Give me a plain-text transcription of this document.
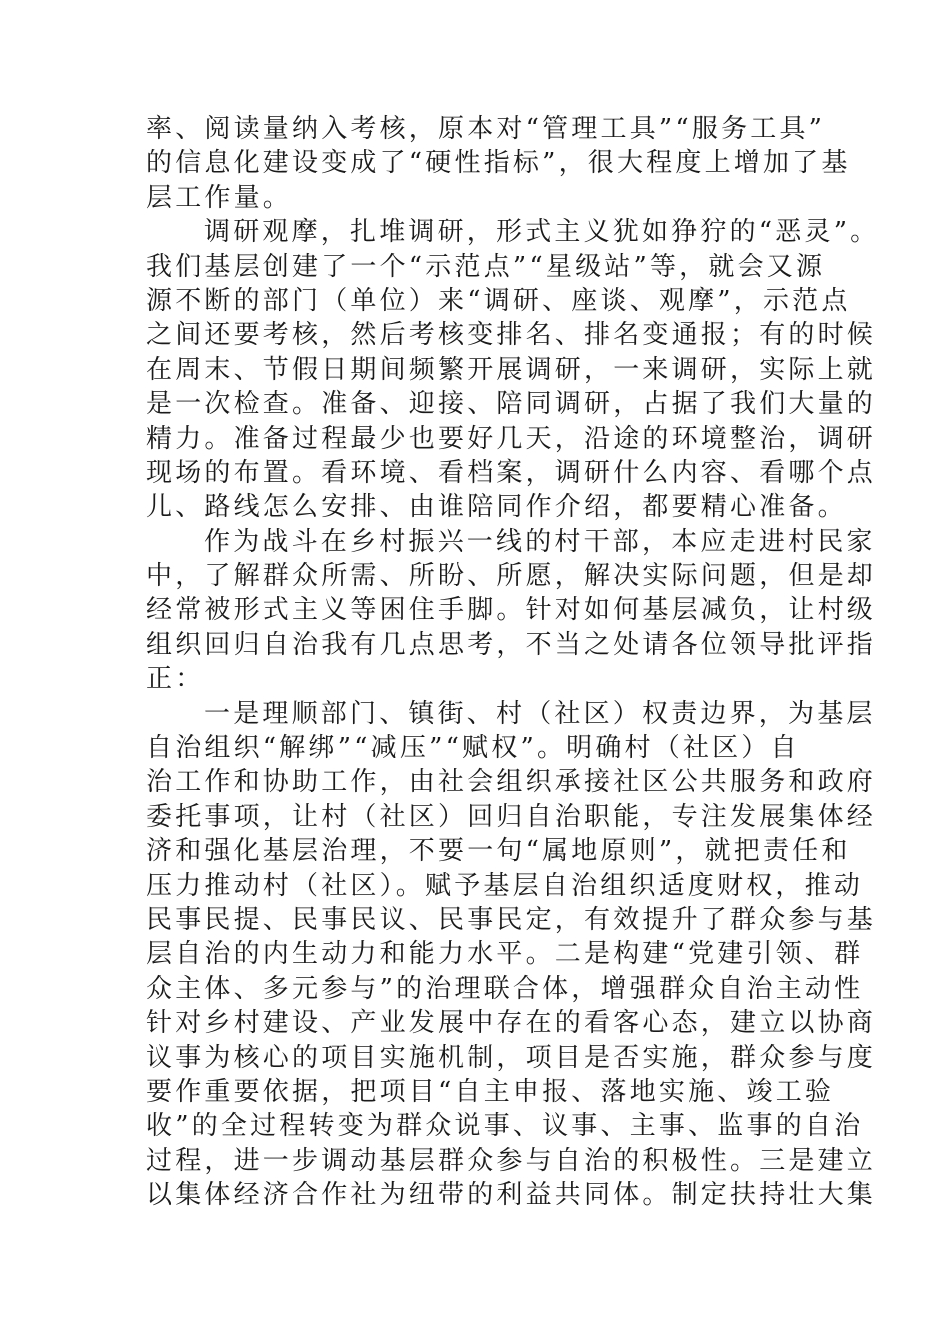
率、阅读量纳入考核，原本对“管理工具”“服务工具”
的信息化建设变成了“硬性指标”，很大程度上增加了基
层工作量。
调研观摩，扎堆调研，形式主义犹如狰狞的“恶灵”。
我们基层创建了一个“示范点”“星级站”等，就会又源
源不断的部门（单位）来“调研、座谈、观摩”，示范点
之间还要考核，然后考核变排名、排名变通报；有的时候
在周末、节假日期间频繁开展调研，一来调研，实际上就
是一次检查。准备、迎接、陪同调研，占据了我们大量的
精力。准备过程最少也要好几天，沿途的环境整治，调研
现场的布置。看环境、看档案，调研什么内容、看哪个点
儿、路线怎么安排、由谁陪同作介绍，都要精心准备。
作为战斗在乡村振兴一线的村干部，本应走进村民家
中，了解群众所需、所盼、所愿，解决实际问题，但是却
经常被形式主义等困住手脚。针对如何基层减负，让村级
组织回归自治我有几点思考，不当之处请各位领导批评指
正：
一是理顺部门、镇街、村（社区）权责边界，为基层
自治组织“解绑”“减压”“赋权”。明确村（社区）自
治工作和协助工作，由社会组织承接社区公共服务和政府
委托事项，让村（社区）回归自治职能，专注发展集体经
济和强化基层治理，不要一句“属地原则”，就把责任和
压力推动村（社区）。赋予基层自治组织适度财权，推动
民事民提、民事民议、民事民定，有效提升了群众参与基
层自治的内生动力和能力水平。二是构建“党建引领、群
众主体、多元参与”的治理联合体，增强群众自治主动性
针对乡村建设、产业发展中存在的看客心态，建立以协商
议事为核心的项目实施机制，项目是否实施，群众参与度
要作重要依据，把项目“自主申报、落地实施、竣工验
收”的全过程转变为群众说事、议事、主事、监事的自治
过程，进一步调动基层群众参与自治的积极性。三是建立
以集体经济合作社为纽带的利益共同体。制定扶持壮大集
